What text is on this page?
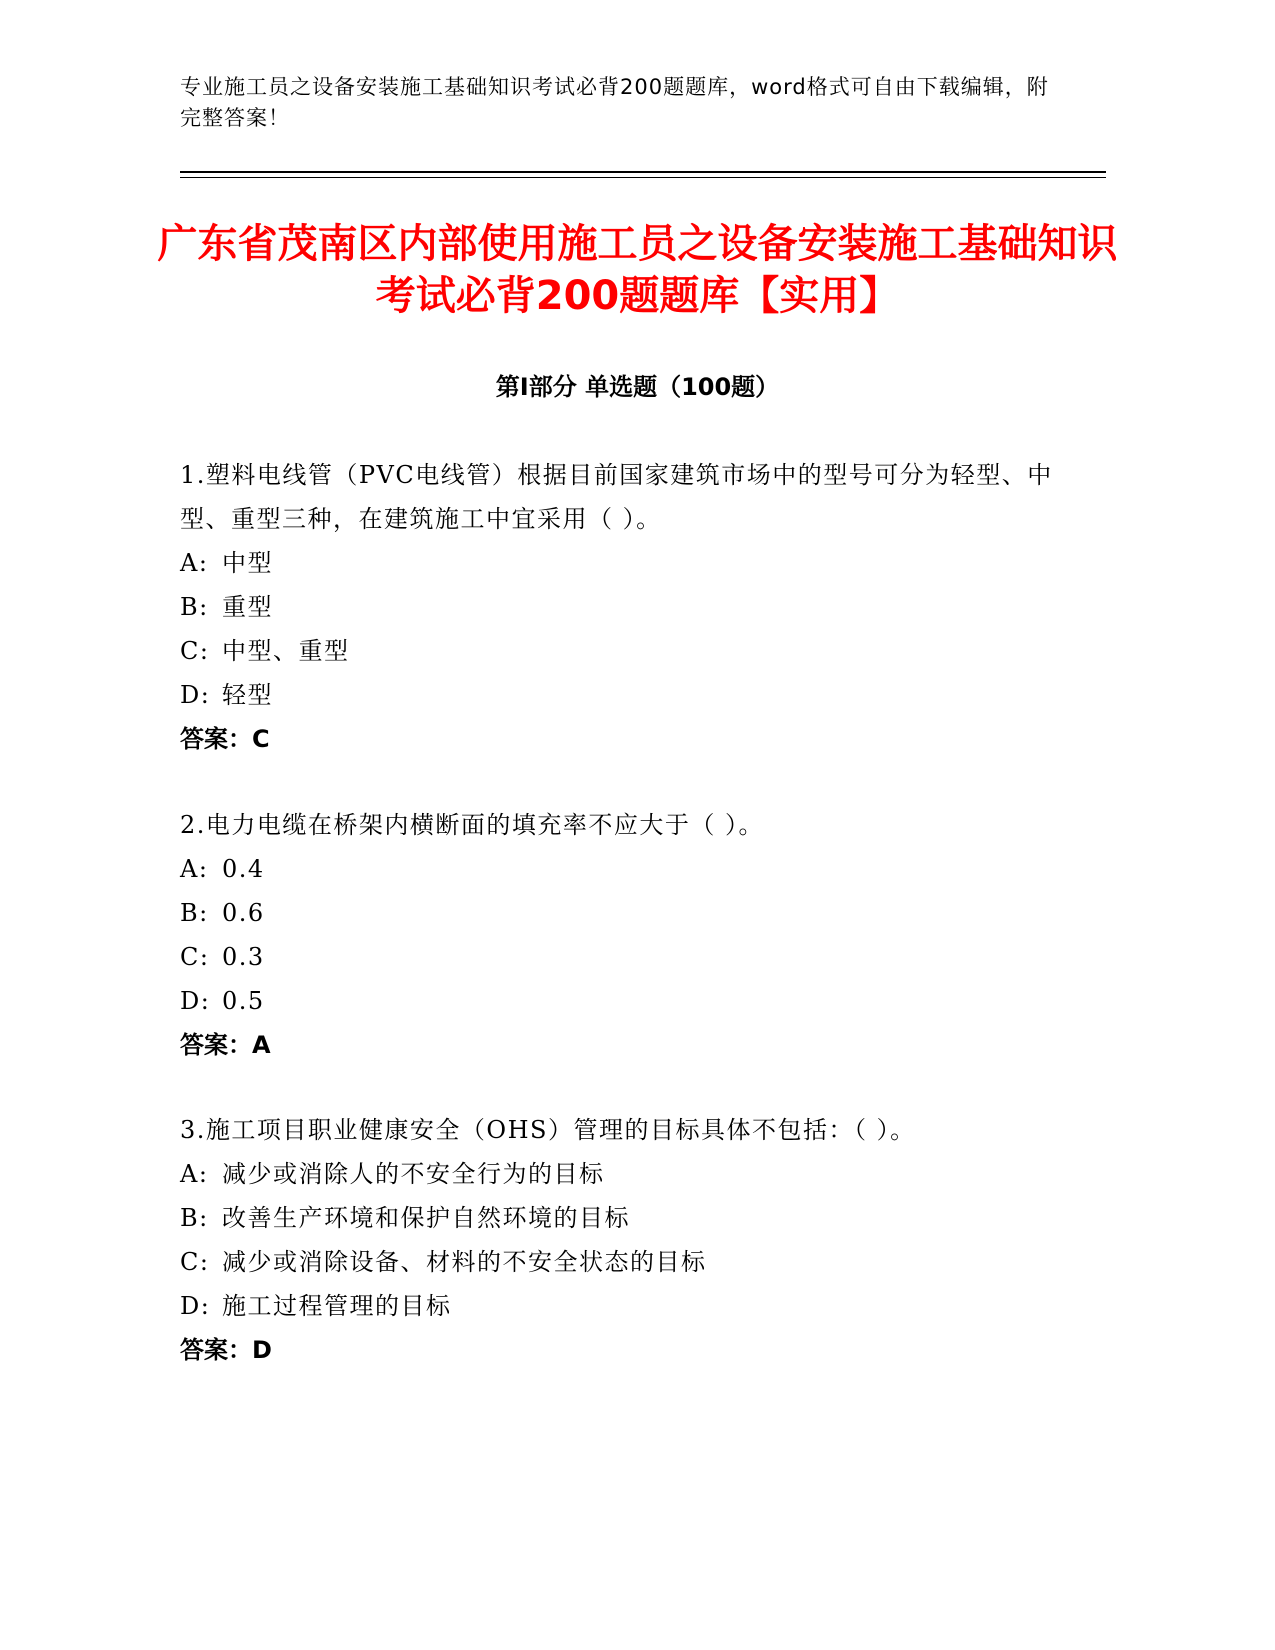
专业施工员之设备安装施工基础知识考试必背200题题库，word格式可自由下载编辑，附完整答案！
广东省茂南区内部使用施工员之设备安装施工基础知识考试必背200题题库【实用】
第Ⅰ部分 单选题（100题）

1.塑料电线管（PVC电线管）根据目前国家建筑市场中的型号可分为轻型、中型、重型三种，在建筑施工中宜采用（ ）。

A: 中型

B: 重型

C: 中型、重型

D: 轻型

答案：C

2.电力电缆在桥架内横断面的填充率不应大于（ ）。

A: 0.4

B: 0.6

C: 0.3

D: 0.5

答案：A

3.施工项目职业健康安全（OHS）管理的目标具体不包括：（ ）。

A: 减少或消除人的不安全行为的目标

B: 改善生产环境和保护自然环境的目标

C: 减少或消除设备、材料的不安全状态的目标

D: 施工过程管理的目标

答案：D
